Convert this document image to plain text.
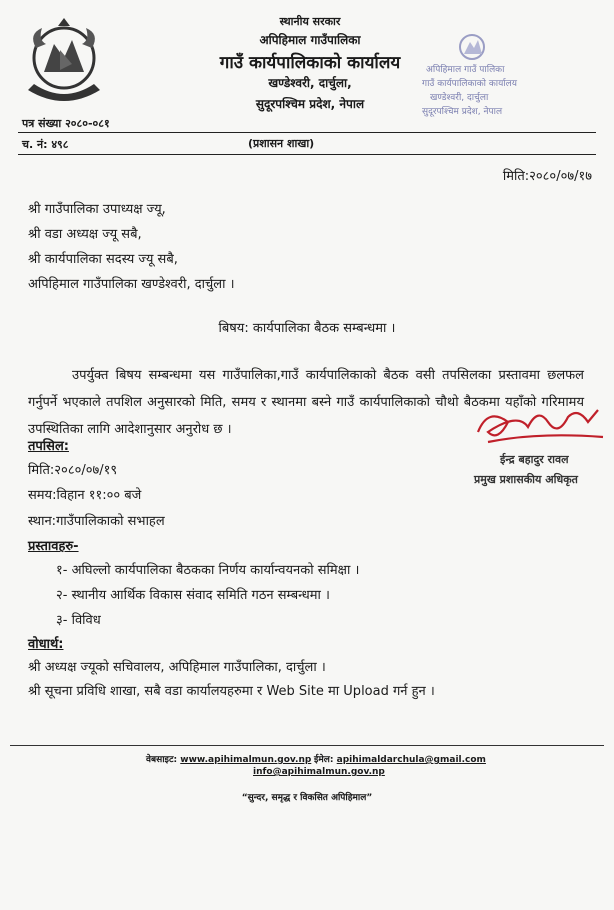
स्थानीय सरकार
अपिहिमाल गाउँपालिका
गाउँ कार्यपालिकाको कार्यालय
खण्डेश्वरी, दार्चुला,
सुदूरपश्चिम प्रदेश, नेपाल
अपिहिमाल गाउँ पालिका
गाउँ कार्यपालिकाको कार्यालय
खण्डेश्वरी, दार्चुला
सुदूरपश्चिम प्रदेश, नेपाल
पत्र संख्या २०८०-०८१
च. नं: ४९८	(प्रशासन शाखा)
मिति:२०८०/०७/१७
श्री गाउँपालिका उपाध्यक्ष ज्यू,
श्री वडा अध्यक्ष ज्यू सबै,
श्री कार्यपालिका सदस्य ज्यू सबै,
अपिहिमाल गाउँपालिका खण्डेश्वरी, दार्चुला ।
बिषय: कार्यपालिका बैठक सम्बन्धमा ।
उपर्युक्त बिषय सम्बन्धमा यस गाउँपालिका,गाउँ कार्यपालिकाको बैठक वसी तपसिलका प्रस्तावमा छलफल गर्नुपर्ने भएकाले तपशिल अनुसारको मिति, समय र स्थानमा बस्ने गाउँ कार्यपालिकाको चौथो बैठकमा यहाँको गरिमामय उपस्थितिका लागि आदेशानुसार अनुरोध छ ।
ईन्द्र बहादुर रावल
प्रमुख प्रशासकीय अधिकृत
तपसिल:
मिति:२०८०/०७/१९
समय:विहान ११:०० बजे
स्थान:गाउँपालिकाको सभाहल
प्रस्तावहरु-
१- अघिल्लो कार्यपालिका बैठकका निर्णय कार्यान्वयनको समिक्षा ।
२- स्थानीय आर्थिक विकास संवाद समिति गठन सम्बन्धमा ।
३- विविध
वोधार्थ:
श्री अध्यक्ष ज्यूको सचिवालय, अपिहिमाल गाउँपालिका, दार्चुला ।
श्री सूचना प्रविधि शाखा, सबै वडा कार्यालयहरुमा र Web Site मा Upload गर्न हुन ।
वेबसाइट: www.apihimalmun.gov.np ईमेल: apihimaldarchula@gmail.com
info@apihimalmun.gov.np
“सुन्दर, समृद्ध र विकसित अपिहिमाल”
